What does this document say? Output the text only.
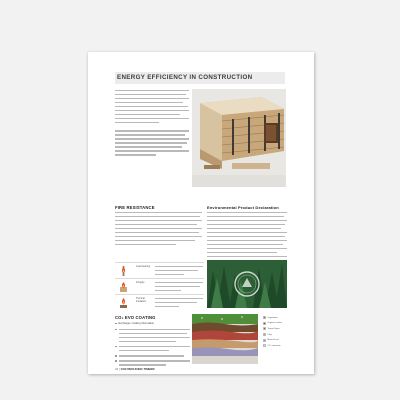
ENERGY EFFICIENCY IN CONSTRUCTION
FIRE RESISTANCE	Environmental Product Declaration
Load-bearing
Integrity
Thermal insulation
CO₂ EVO COATING
Exchange / coating information
Vegetation
Organic matter
Topsoil layer
Clay
Mineral soil
CO₂ retention
22 | CO2 REDUCING TIMBER
